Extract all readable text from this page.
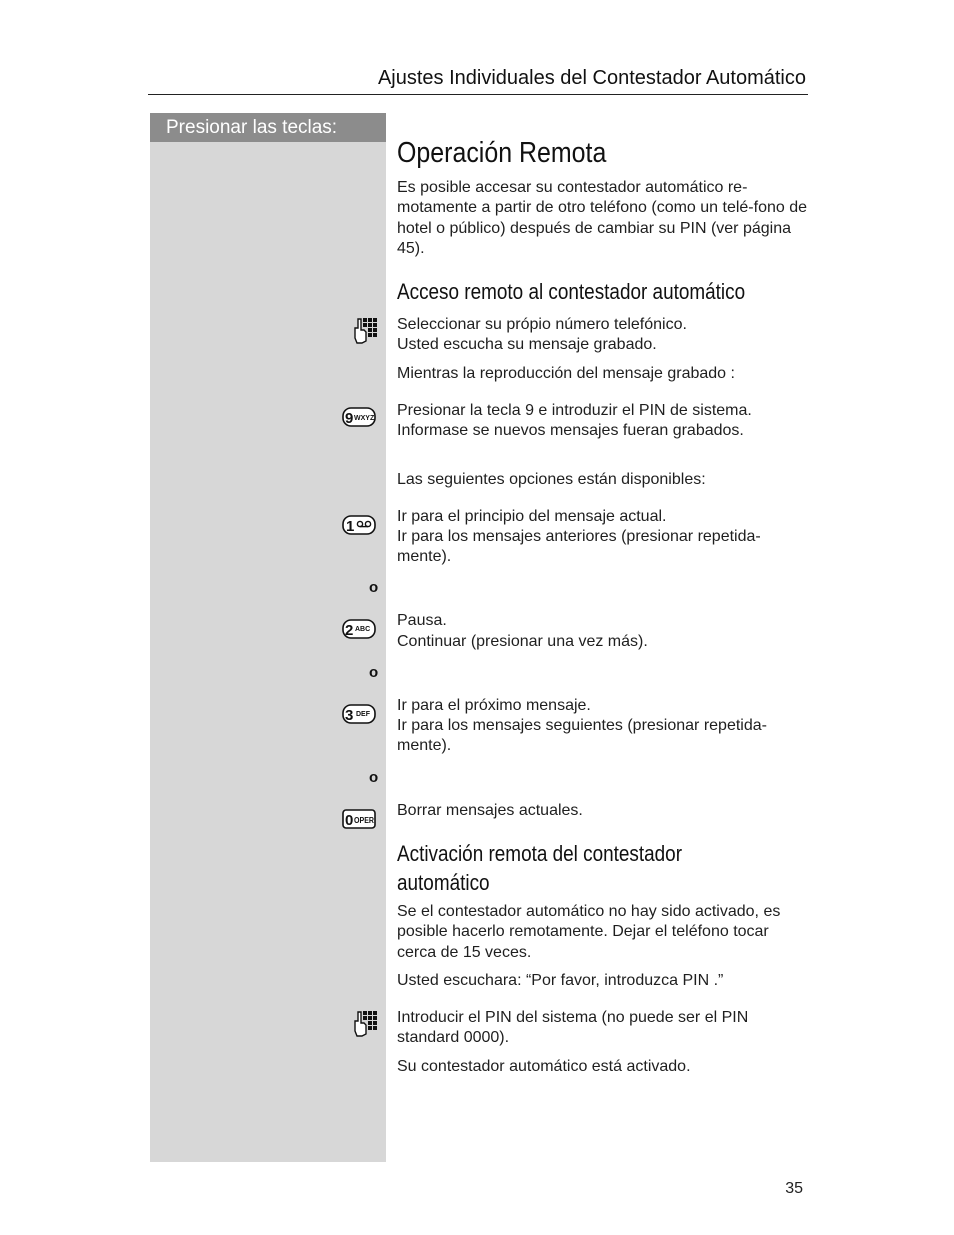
Ajustes Individuales del Contestador Automático
Presionar las teclas:
Operación Remota
Es posible accesar su contestador automático re-motamente a partir de otro teléfono (como un telé-fono de hotel o público) después de cambiar su PIN (ver página 45).
Acceso remoto al contestador automático
Seleccionar su própio número telefónico.
Usted escucha su mensaje grabado.
Mientras la reproducción del mensaje grabado :
9 WXYZ Presionar la tecla 9 e introduzir el PIN de sistema.
Informase se nuevos mensajes fueran grabados.
Las seguientes opciones están disponibles:
1
Ir para el principio del mensaje actual.
Ir para los mensajes anteriores (presionar repetida-mente).
o
2 ABC
Pausa.
Continuar (presionar una vez más).
o
3 DEF
Ir para el próximo mensaje.
Ir para los mensajes seguientes (presionar repetida-mente).
o
0 OPER
Borrar mensajes actuales.
Activación remota del contestador automático
Se el contestador automático no hay sido activado, es posible hacerlo remotamente. Dejar el teléfono tocar cerca de 15 veces.
Usted escuchara: “Por favor, introduzca PIN .”
Introducir el PIN del sistema (no puede ser el PIN standard 0000).
Su contestador automático está activado.
35
